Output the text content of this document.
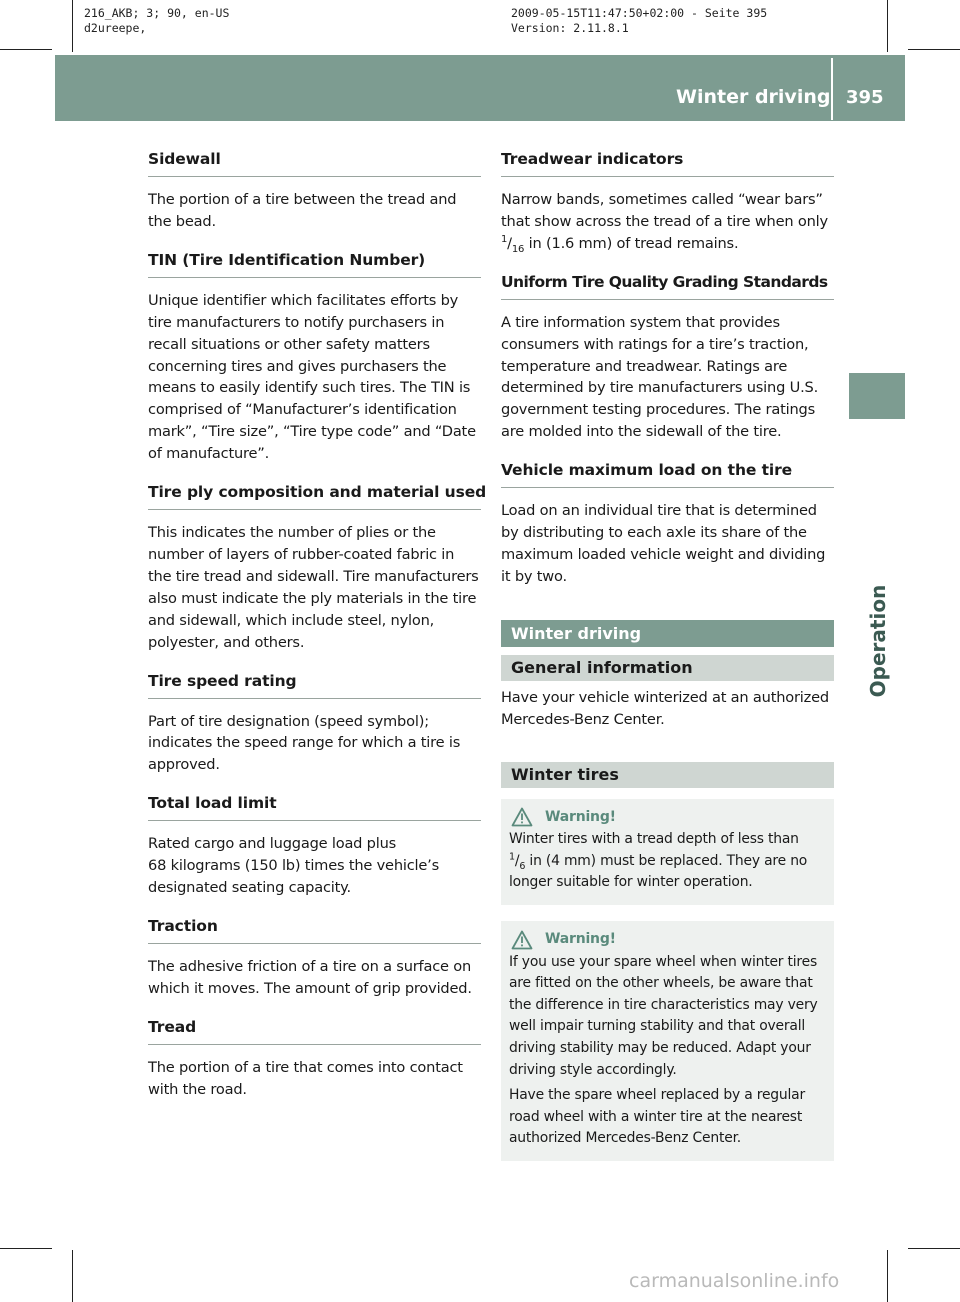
216_AKB; 3; 90, en-US
d2ureepe,
2009-05-15T11:47:50+02:00 - Seite 395
Version: 2.11.8.1
Winter driving 395
Operation
Sidewall
The portion of a tire between the tread and the bead.
TIN (Tire Identification Number)
Unique identifier which facilitates efforts by tire manufacturers to notify purchasers in recall situations or other safety matters concerning tires and gives purchasers the means to easily identify such tires. The TIN is comprised of “Manufacturer’s identification mark”, “Tire size”, “Tire type code” and “Date of manufacture”.
Tire ply composition and material used
This indicates the number of plies or the number of layers of rubber-coated fabric in the tire tread and sidewall. Tire manufacturers also must indicate the ply materials in the tire and sidewall, which include steel, nylon, polyester, and others.
Tire speed rating
Part of tire designation (speed symbol); indicates the speed range for which a tire is approved.
Total load limit
Rated cargo and luggage load plus
68 kilograms (150 lb) times the vehicle’s designated seating capacity.
Traction
The adhesive friction of a tire on a surface on which it moves. The amount of grip provided.
Tread
The portion of a tire that comes into contact with the road.
Treadwear indicators
Narrow bands, sometimes called “wear bars” that show across the tread of a tire when only
$^1/_{16}$ in (1.6 mm) of tread remains.
Uniform Tire Quality Grading Standards
A tire information system that provides consumers with ratings for a tire’s traction, temperature and treadwear. Ratings are determined by tire manufacturers using U.S. government testing procedures. The ratings are molded into the sidewall of the tire.
Vehicle maximum load on the tire
Load on an individual tire that is determined by distributing to each axle its share of the maximum loaded vehicle weight and dividing it by two.
Winter driving
General information
Have your vehicle winterized at an authorized Mercedes-Benz Center.
Winter tires
Warning!

Winter tires with a tread depth of less than
$^1/_6$ in (4 mm) must be replaced. They are no longer suitable for winter operation.

Warning!

If you use your spare wheel when winter tires are fitted on the other wheels, be aware that the difference in tire characteristics may very well impair turning stability and that overall driving stability may be reduced. Adapt your driving style accordingly.

Have the spare wheel replaced by a regular road wheel with a winter tire at the nearest authorized Mercedes-Benz Center.

carmanualsonline.info
